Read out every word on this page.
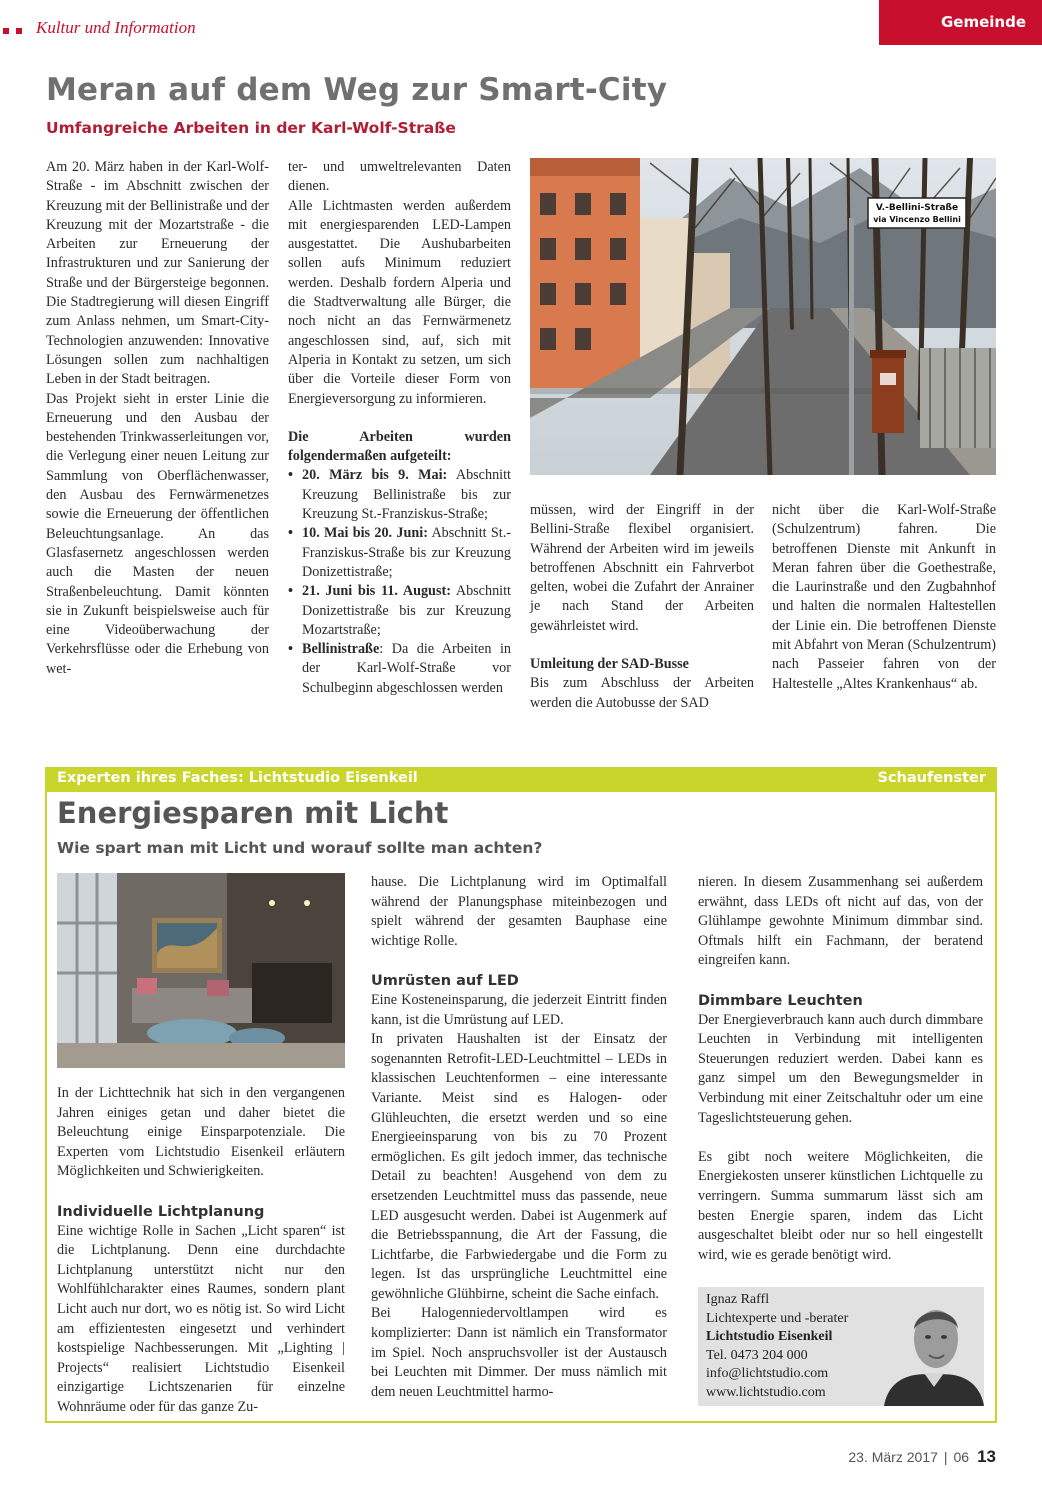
Kultur und Information	Gemeinde
Meran auf dem Weg zur Smart-City
Umfangreiche Arbeiten in der Karl-Wolf-Straße

Am 20. März haben in der Karl-Wolf-Straße - im Abschnitt zwischen der Kreuzung mit der Bellinistraße und der Kreuzung mit der Mozartstraße - die Arbeiten zur Erneuerung der Infrastrukturen und zur Sanierung der Straße und der Bürgersteige begonnen. Die Stadtregierung will diesen Eingriff zum Anlass nehmen, um Smart-City-Technologien anzuwenden: Innovative Lösungen sollen zum nachhaltigen Leben in der Stadt beitragen.

Das Projekt sieht in erster Linie die Erneuerung und den Ausbau der bestehenden Trinkwasserleitungen vor, die Verlegung einer neuen Leitung zur Sammlung von Oberflächenwasser, den Ausbau des Fernwärmenetzes sowie die Erneuerung der öffentlichen Beleuchtungsanlage. An das Glasfasernetz angeschlossen werden auch die Masten der neuen Straßenbeleuchtung. Damit könnten sie in Zukunft beispielsweise auch für eine Videoüberwachung der Verkehrsflüsse oder die Erhebung von wet-

ter- und umweltrelevanten Daten dienen.

Alle Lichtmasten werden außerdem mit energiesparenden LED-Lampen ausgestattet. Die Aushubarbeiten sollen aufs Minimum reduziert werden. Deshalb fordern Alperia und die Stadtverwaltung alle Bürger, die noch nicht an das Fernwärmenetz angeschlossen sind, auf, sich mit Alperia in Kontakt zu setzen, um sich über die Vorteile dieser Form von Energieversorgung zu informieren.

Die Arbeiten wurden folgendermaßen aufgeteilt:
• 20. März bis 9. Mai: Abschnitt Kreuzung Bellinistraße bis zur Kreuzung St.-Franziskus-Straße;
• 10. Mai bis 20. Juni: Abschnitt St.-Franziskus-Straße bis zur Kreuzung Donizettistraße;
• 21. Juni bis 11. August: Abschnitt Donizettistraße bis zur Kreuzung Mozartstraße;
• Bellinistraße: Da die Arbeiten in der Karl-Wolf-Straße vor Schulbeginn abgeschlossen werden
V.-Bellini-Straße
via Vincenzo Bellini

müssen, wird der Eingriff in der Bellini-Straße flexibel organisiert. Während der Arbeiten wird im jeweils betroffenen Abschnitt ein Fahrverbot gelten, wobei die Zufahrt der Anrainer je nach Stand der Arbeiten gewährleistet wird.

Umleitung der SAD-Busse

Bis zum Abschluss der Arbeiten werden die Autobusse der SAD

nicht über die Karl-Wolf-Straße (Schulzentrum) fahren. Die betroffenen Dienste mit Ankunft in Meran fahren über die Goethestraße, die Laurinstraße und den Zugbahnhof und halten die normalen Haltestellen der Linie ein. Die betroffenen Dienste mit Abfahrt von Meran (Schulzentrum) nach Passeier fahren von der Haltestelle „Altes Krankenhaus“ ab.

Experten ihres Faches: Lichtstudio Eisenkeil	Schaufenster
Energiesparen mit Licht
Wie spart man mit Licht und worauf sollte man achten?

In der Lichttechnik hat sich in den vergangenen Jahren einiges getan und daher bietet die Beleuchtung einige Einsparpotenziale. Die Experten vom Lichtstudio Eisenkeil erläutern Möglichkeiten und Schwierigkeiten.

Individuelle Lichtplanung

Eine wichtige Rolle in Sachen „Licht sparen“ ist die Lichtplanung. Denn eine durchdachte Lichtplanung unterstützt nicht nur den Wohlfühlcharakter eines Raumes, sondern plant Licht auch nur dort, wo es nötig ist. So wird Licht am effizientesten eingesetzt und verhindert kostspielige Nachbesserungen. Mit „Lighting | Projects“ realisiert Lichtstudio Eisenkeil einzigartige Lichtszenarien für einzelne Wohnräume oder für das ganze Zu-

hause. Die Lichtplanung wird im Optimalfall während der Planungsphase miteinbezogen und spielt während der gesamten Bauphase eine wichtige Rolle.

Umrüsten auf LED

Eine Kosteneinsparung, die jederzeit Eintritt finden kann, ist die Umrüstung auf LED.

In privaten Haushalten ist der Einsatz der sogenannten Retrofit-LED-Leuchtmittel – LEDs in klassischen Leuchtenformen – eine interessante Variante. Meist sind es Halogen- oder Glühleuchten, die ersetzt werden und so eine Energieeinsparung von bis zu 70 Prozent ermöglichen. Es gilt jedoch immer, das technische Detail zu beachten! Ausgehend von dem zu ersetzenden Leuchtmittel muss das passende, neue LED ausgesucht werden. Dabei ist Augenmerk auf die Betriebsspannung, die Art der Fassung, die Lichtfarbe, die Farbwiedergabe und die Form zu legen. Ist das ursprüngliche Leuchtmittel eine gewöhnliche Glühbirne, scheint die Sache einfach.

Bei Halogenniedervoltlampen wird es komplizierter: Dann ist nämlich ein Transformator im Spiel. Noch anspruchsvoller ist der Austausch bei Leuchten mit Dimmer. Der muss nämlich mit dem neuen Leuchtmittel harmo-

nieren. In diesem Zusammenhang sei außerdem erwähnt, dass LEDs oft nicht auf das, von der Glühlampe gewohnte Minimum dimmbar sind. Oftmals hilft ein Fachmann, der beratend eingreifen kann.

Dimmbare Leuchten

Der Energieverbrauch kann auch durch dimmbare Leuchten in Verbindung mit intelligenten Steuerungen reduziert werden. Dabei kann es ganz simpel um den Bewegungsmelder in Verbindung mit einer Zeitschaltuhr oder um eine Tageslichtsteuerung gehen.

Es gibt noch weitere Möglichkeiten, die Energiekosten unserer künstlichen Lichtquelle zu verringern. Summa summarum lässt sich am besten Energie sparen, indem das Licht ausgeschaltet bleibt oder nur so hell eingestellt wird, wie es gerade benötigt wird.

Ignaz Raffl
Lichtexperte und -berater
Lichtstudio Eisenkeil
Tel. 0473 204 000
info@lichtstudio.com
www.lichtstudio.com
23. März 2017 | 06 13
